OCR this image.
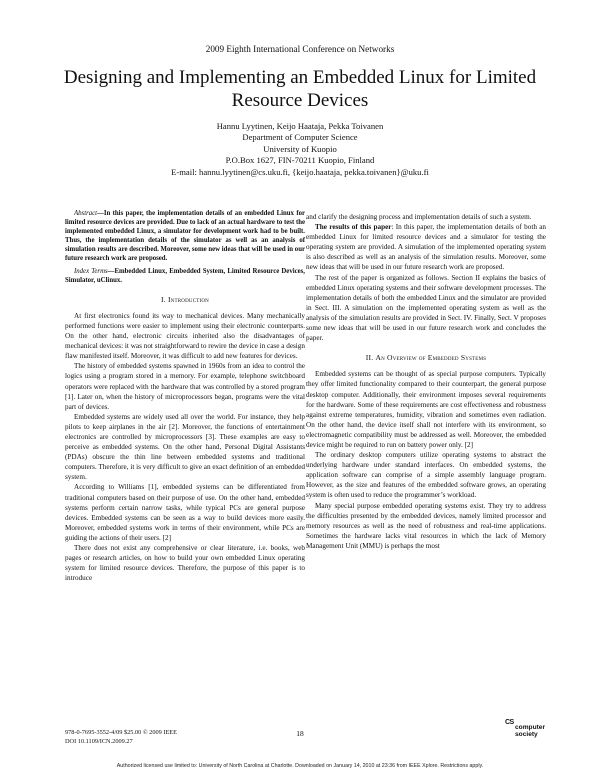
2009 Eighth International Conference on Networks
Designing and Implementing an Embedded Linux for Limited Resource Devices
Hannu Lyytinen, Keijo Haataja, Pekka Toivanen
Department of Computer Science
University of Kuopio
P.O.Box 1627, FIN-70211 Kuopio, Finland
E-mail: hannu.lyytinen@cs.uku.fi, {keijo.haataja, pekka.toivanen}@uku.fi

Abstract—In this paper, the implementation details of an embedded Linux for limited resource devices are provided. Due to lack of an actual hardware to test the implemented embedded Linux, a simulator for development work had to be built. Thus, the implementation details of the simulator as well as an analysis of simulation results are described. Moreover, some new ideas that will be used in our future research work are proposed.

Index Terms—Embedded Linux, Embedded System, Limited Resource Devices, Simulator, uClinux.

I. Introduction

At first electronics found its way to mechanical devices. Many mechanically performed functions were easier to implement using their electronic counterparts. On the other hand, electronic circuits inherited also the disadvantages of mechanical devices: it was not straightforward to rewire the device in case a design flaw manifested itself. Moreover, it was difficult to add new features for devices.

The history of embedded systems spawned in 1960s from an idea to control the logics using a program stored in a memory. For example, telephone switchboard operators were replaced with the hardware that was controlled by a stored program [1]. Later on, when the history of microprocessors began, programs were the vital part of devices.

Embedded systems are widely used all over the world. For instance, they help pilots to keep airplanes in the air [2]. Moreover, the functions of entertainment electronics are controlled by microprocessors [3]. These examples are easy to perceive as embedded systems. On the other hand, Personal Digital Assistants (PDAs) obscure the thin line between embedded systems and traditional computers. Therefore, it is very difficult to give an exact definition of an embedded system.

According to Williams [1], embedded systems can be differentiated from traditional computers based on their purpose of use. On the other hand, embedded systems perform certain narrow tasks, while typical PCs are general purpose devices. Embedded systems can be seen as a way to build devices more easily. Moreover, embedded systems work in terms of their environment, while PCs are guiding the actions of their users. [2]

There does not exist any comprehensive or clear literature, i.e. books, web pages or research articles, on how to build your own embedded Linux operating system for limited resource devices. Therefore, the purpose of this paper is to introduce

and clarify the designing process and implementation details of such a system.

The results of this paper: In this paper, the implementation details of both an embedded Linux for limited resource devices and a simulator for testing the operating system are provided. A simulation of the implemented operating system is also described as well as an analysis of the simulation results. Moreover, some new ideas that will be used in our future research work are proposed.

The rest of the paper is organized as follows. Section II explains the basics of embedded Linux operating systems and their software development processes. The implementation details of both the embedded Linux and the simulator are provided in Sect. III. A simulation on the implemented operating system as well as the analysis of the simulation results are provided in Sect. IV. Finally, Sect. V proposes some new ideas that will be used in our future research work and concludes the paper.

II. An Overview of Embedded Systems

Embedded systems can be thought of as special purpose computers. Typically they offer limited functionality compared to their counterpart, the general purpose desktop computer. Additionally, their environment imposes several requirements for the hardware. Some of these requirements are cost effectiveness and robustness against extreme temperatures, humidity, vibration and sometimes even radiation. On the other hand, the device itself shall not interfere with its environment, so electromagnetic compatibility must be addressed as well. Moreover, the embedded device might be required to run on battery power only. [2]

The ordinary desktop computers utilize operating systems to abstract the underlying hardware under standard interfaces. On embedded systems, the application software can comprise of a simple assembly language program. However, as the size and features of the embedded software grows, an operating system is often used to reduce the programmer’s workload.

Many special purpose embedded operating systems exist. They try to address the difficulties presented by the embedded devices, namely limited processor and memory resources as well as the need of robustness and real-time applications. Sometimes the hardware lacks vital resources in which the lack of Memory Management Unit (MMU) is perhaps the most

978-0-7695-3552-4/09 $25.00 © 2009 IEEE
DOI 10.1109/ICN.2009.27
18
CS
computer
society
Authorized licensed use limited to: University of North Carolina at Charlotte. Downloaded on January 14, 2010 at 23:36 from IEEE Xplore. Restrictions apply.
